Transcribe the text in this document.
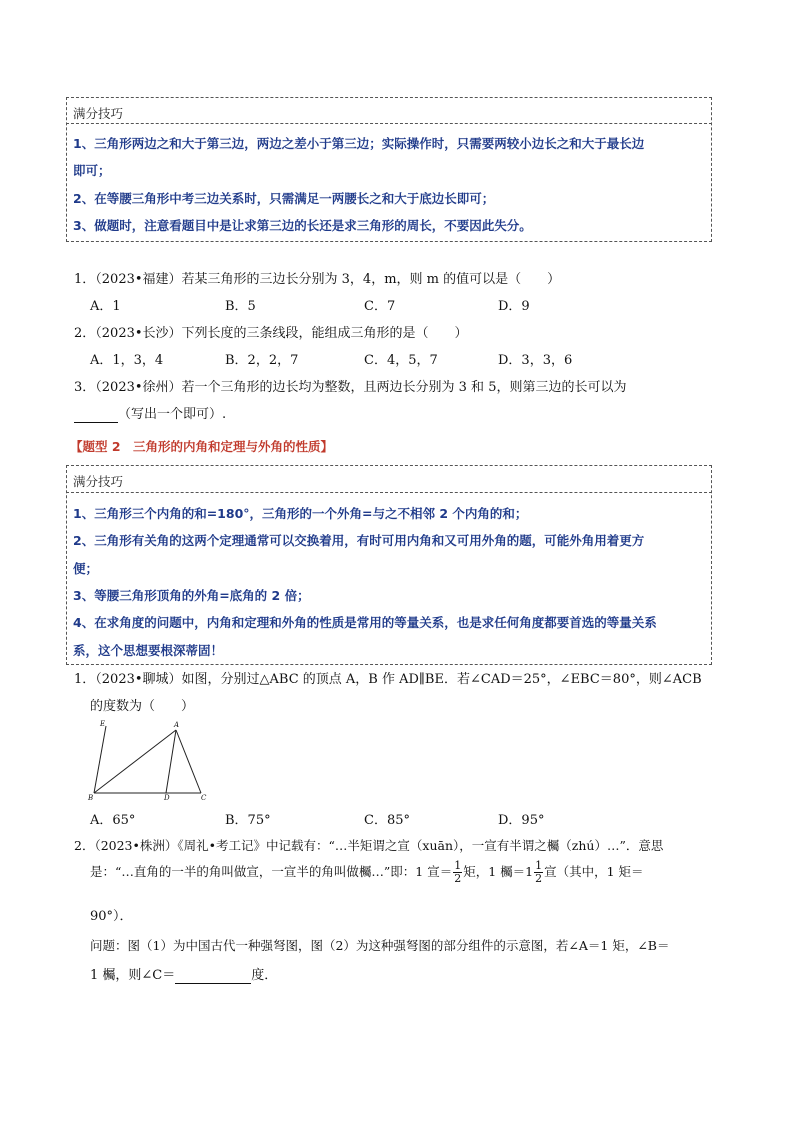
满分技巧
1、三角形两边之和大于第三边，两边之差小于第三边；实际操作时，只需要两较小边长之和大于最长边
即可；
2、在等腰三角形中考三边关系时，只需满足一两腰长之和大于底边长即可；
3、做题时，注意看题目中是让求第三边的长还是求三角形的周长，不要因此失分。
1．（2023•福建）若某三角形的三边长分别为 3，4，m，则 m 的值可以是（　　）
A．1	B．5	C．7	D．9
2．（2023•长沙）下列长度的三条线段，能组成三角形的是（　　）
A．1，3，4	B．2，2，7	C．4，5，7	D．3，3，6
3．（2023•徐州）若一个三角形的边长均为整数，且两边长分别为 3 和 5，则第三边的长可以为
（写出一个即可）.
【题型 2　三角形的内角和定理与外角的性质】
满分技巧
1、三角形三个内角的和=180°，三角形的一个外角=与之不相邻 2 个内角的和；
2、三角形有关角的这两个定理通常可以交换着用，有时可用内角和又可用外角的题，可能外角用着更方
便；
3、等腰三角形顶角的外角=底角的 2 倍；
4、在求角度的问题中，内角和定理和外角的性质是常用的等量关系，也是求任何角度都要首选的等量关系
系，这个思想要根深蒂固！
1．（2023•聊城）如图，分别过△ABC 的顶点 A，B 作 AD∥BE．若∠CAD＝25°，∠EBC＝80°，则∠ACB
的度数为（　　）
E	A
B	D	C
A．65°	B．75°	C．85°	D．95°
2．（2023•株洲）《周礼•考工记》中记载有：“…半矩谓之宣（xuān），一宣有半谓之欘（zhú）…”．意思
是：“…直角的一半的角叫做宣，一宣半的角叫做欘…”即：1 宣＝ $\frac{1}{2}$ 矩，1 欘$=1 \frac{1}{2}$ 宣（其中，1 矩＝
90°）．
问题：图（1）为中国古代一种强弩图，图（2）为这种强弩图的部分组件的示意图，若∠A＝1 矩，∠B＝
1 欘，则∠C＝	度．
